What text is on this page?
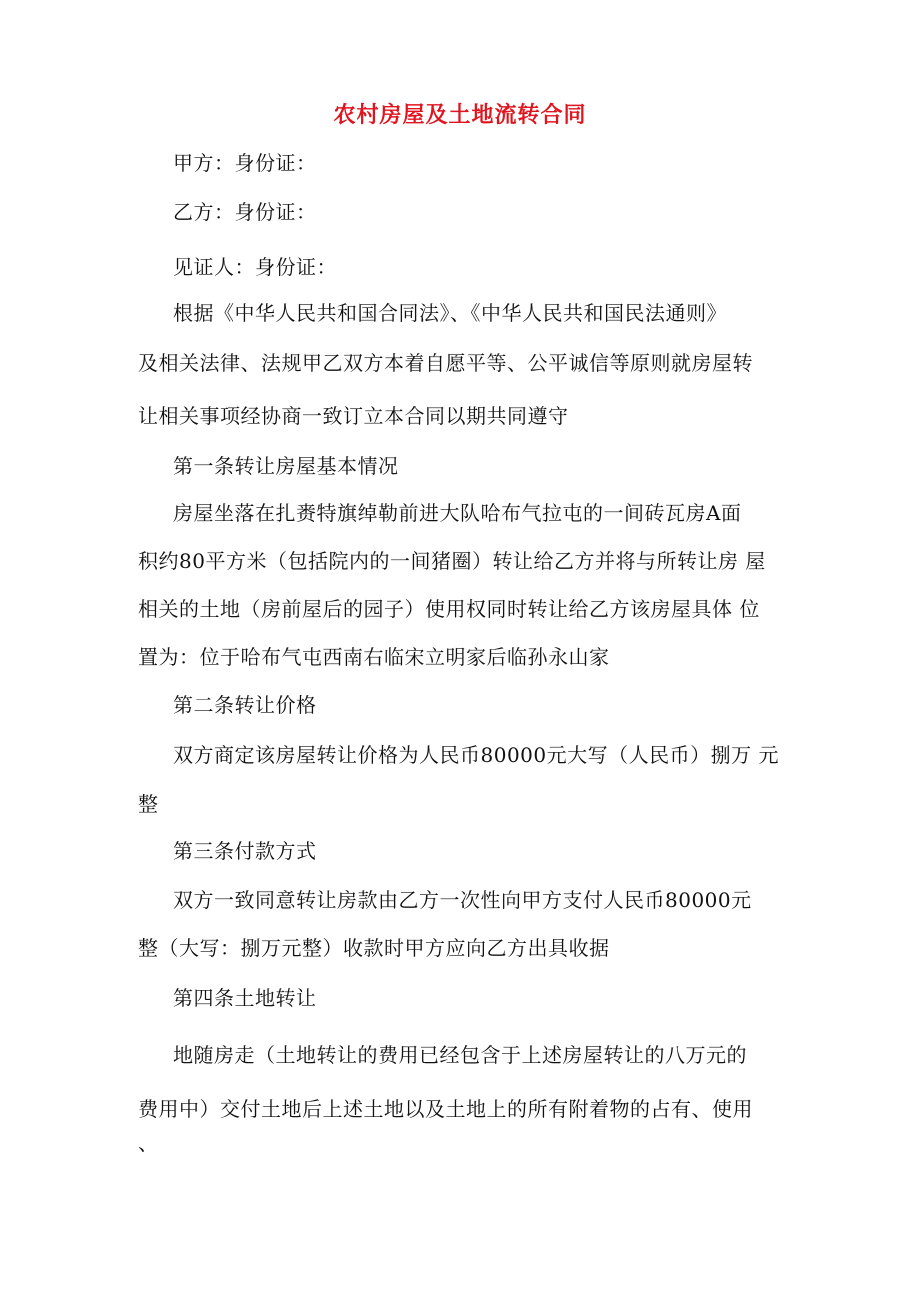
农村房屋及土地流转合同
甲方：身份证：
乙方：身份证：
见证人：身份证：
根据《中华人民共和国合同法》、《中华人民共和国民法通则》
及相关法律、法规甲乙双方本着自愿平等、公平诚信等原则就房屋转
让相关事项经协商一致订立本合同以期共同遵守
第一条转让房屋基本情况
房屋坐落在扎赉特旗绰勒前进大队哈布气拉屯的一间砖瓦房A面
积约80平方米（包括院内的一间猪圈）转让给乙方并将与所转让房 屋
相关的土地（房前屋后的园子）使用权同时转让给乙方该房屋具体 位
置为：位于哈布气屯西南右临宋立明家后临孙永山家
第二条转让价格
双方商定该房屋转让价格为人民币80000元大写（人民币）捌万 元
整
第三条付款方式
双方一致同意转让房款由乙方一次性向甲方支付人民币80000元
整（大写：捌万元整）收款时甲方应向乙方出具收据
第四条土地转让
地随房走（土地转让的费用已经包含于上述房屋转让的八万元的
费用中）交付土地后上述土地以及土地上的所有附着物的占有、使用
、
